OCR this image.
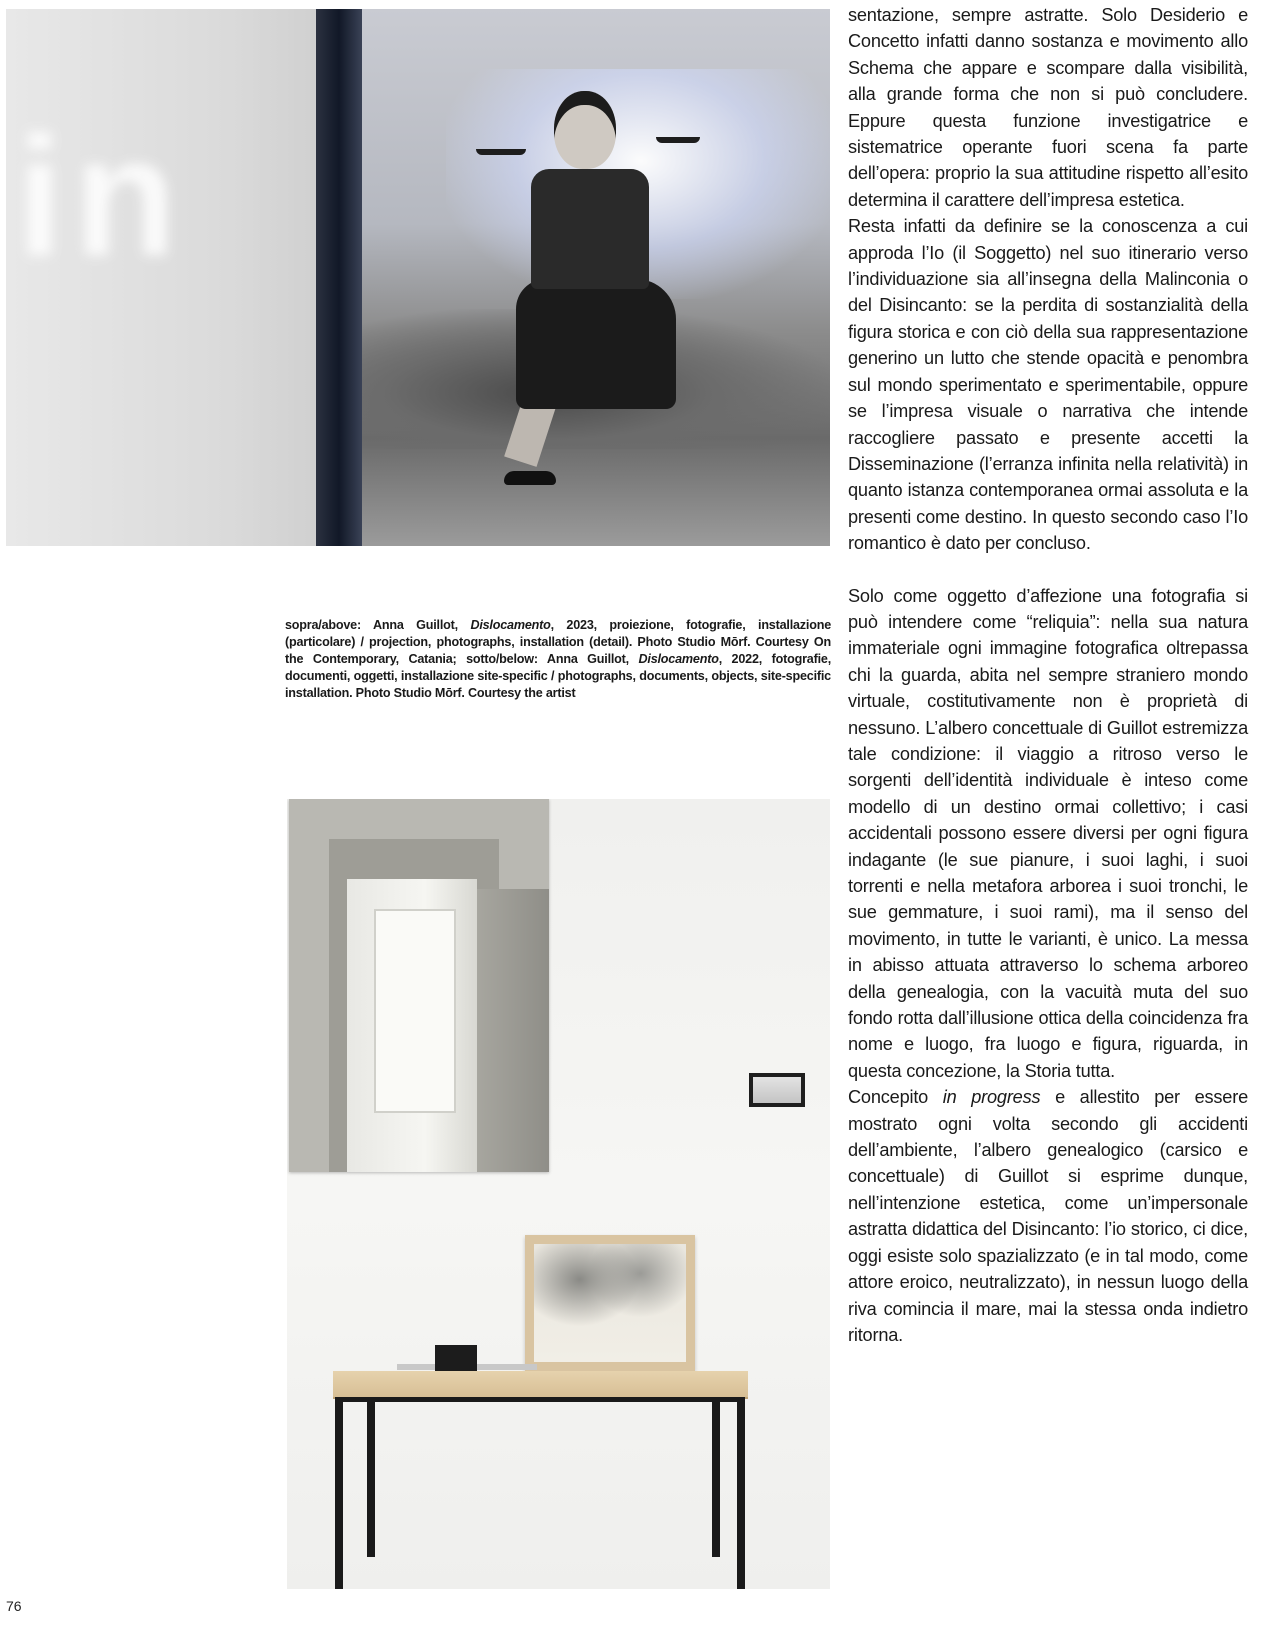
in

sopra/above: Anna Guillot, Dislocamento, 2023, proiezione, fotografie, installazione (particolare) / projection, photographs, installation (detail). Photo Studio Mōrf. Courtesy On the Contemporary, Catania; sotto/below: Anna Guillot, Dislocamento, 2022, fotografie, documenti, oggetti, installazione site-specific / photographs, documents, objects, site-specific installation. Photo Studio Mōrf. Courtesy the artist

sentazione, sempre astratte. Solo Desiderio e Concetto infatti danno sostanza e movimento allo Schema che appare e scompare dalla visibilità, alla grande forma che non si può concludere. Eppure questa funzione investigatrice e sistematrice operante fuori scena fa parte dell’opera: proprio la sua attitudine rispetto all’esito determina il carattere dell’impresa estetica.

Resta infatti da definire se la conoscenza a cui approda l’Io (il Soggetto) nel suo itinerario verso l’individuazione sia all’insegna della Malinconia o del Disincanto: se la perdita di sostanzialità della figura storica e con ciò della sua rappresentazione generino un lutto che stende opacità e penombra sul mondo sperimentato e sperimentabile, oppure se l’impresa visuale o narrativa che intende raccogliere passato e presente accetti la Disseminazione (l’erranza infinita nella relatività) in quanto istanza contemporanea ormai assoluta e la presenti come destino. In questo secondo caso l’Io romantico è dato per concluso.

Solo come oggetto d’affezione una fotografia si può intendere come “reliquia”: nella sua natura immateriale ogni immagine fotografica oltrepassa chi la guarda, abita nel sempre straniero mondo virtuale, costitutivamente non è proprietà di nessuno. L’albero concettuale di Guillot estremizza tale condizione: il viaggio a ritroso verso le sorgenti dell’identità individuale è inteso come modello di un destino ormai collettivo; i casi accidentali possono essere diversi per ogni figura indagante (le sue pianure, i suoi laghi, i suoi torrenti e nella metafora arborea i suoi tronchi, le sue gemmature, i suoi rami), ma il senso del movimento, in tutte le varianti, è unico. La messa in abisso attuata attraverso lo schema arboreo della genealogia, con la vacuità muta del suo fondo rotta dall’illusione ottica della coincidenza fra nome e luogo, fra luogo e figura, riguarda, in questa concezione, la Storia tutta.

Concepito in progress e allestito per essere mostrato ogni volta secondo gli accidenti dell’ambiente, l’albero genealogico (carsico e concettuale) di Guillot si esprime dunque, nell’intenzione estetica, come un’impersonale astratta didattica del Disincanto: l’io storico, ci dice, oggi esiste solo spazializzato (e in tal modo, come attore eroico, neutralizzato), in nessun luogo della riva comincia il mare, mai la stessa onda indietro ritorna.

76
